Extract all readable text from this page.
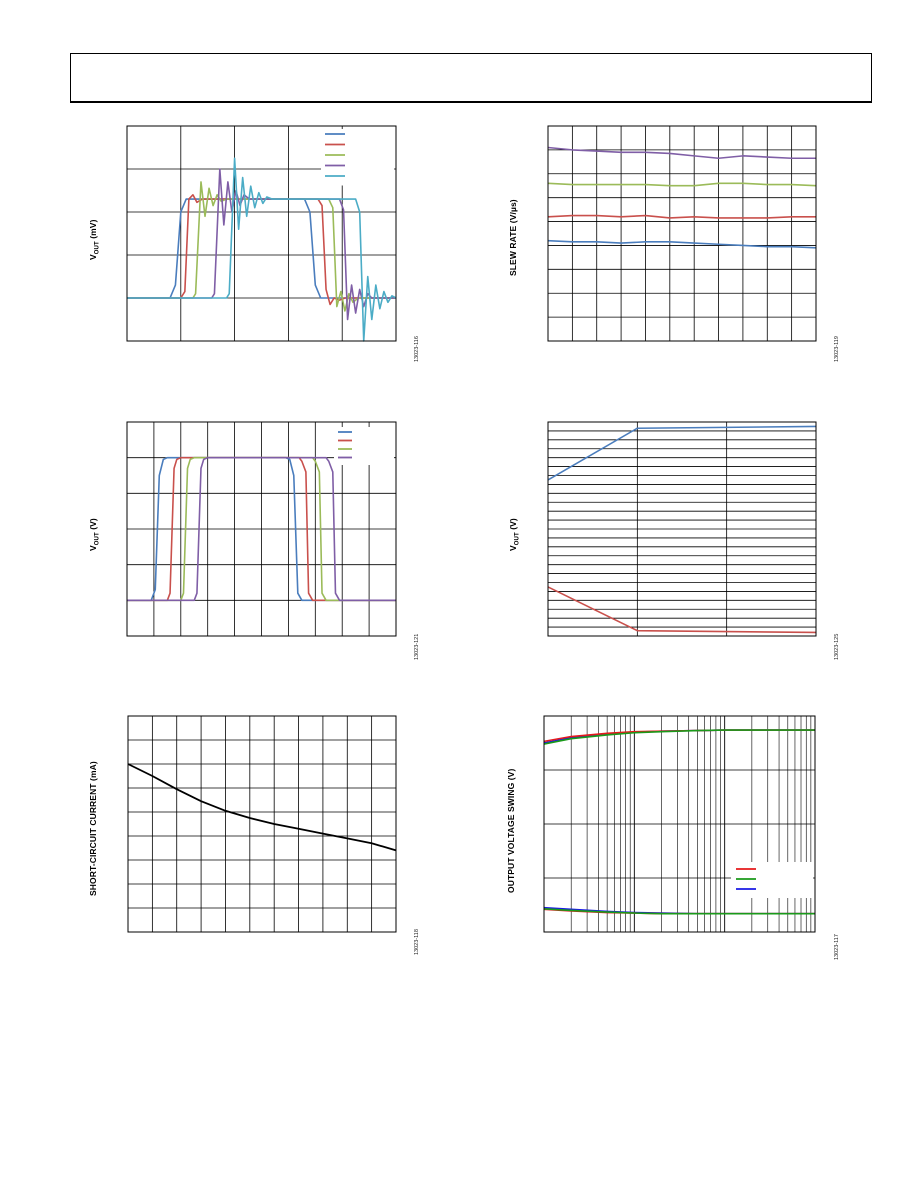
$V_{OUT}$ (mV)
13023-116
SLEW RATE (V/µs)
13023-119
$V_{OUT}$ (V)
13023-121
$V_{OUT}$ (V)
13023-125
SHORT-CIRCUIT CURRENT (mA)
13023-118
OUTPUT VOLTAGE SWING (V)
13023-117
